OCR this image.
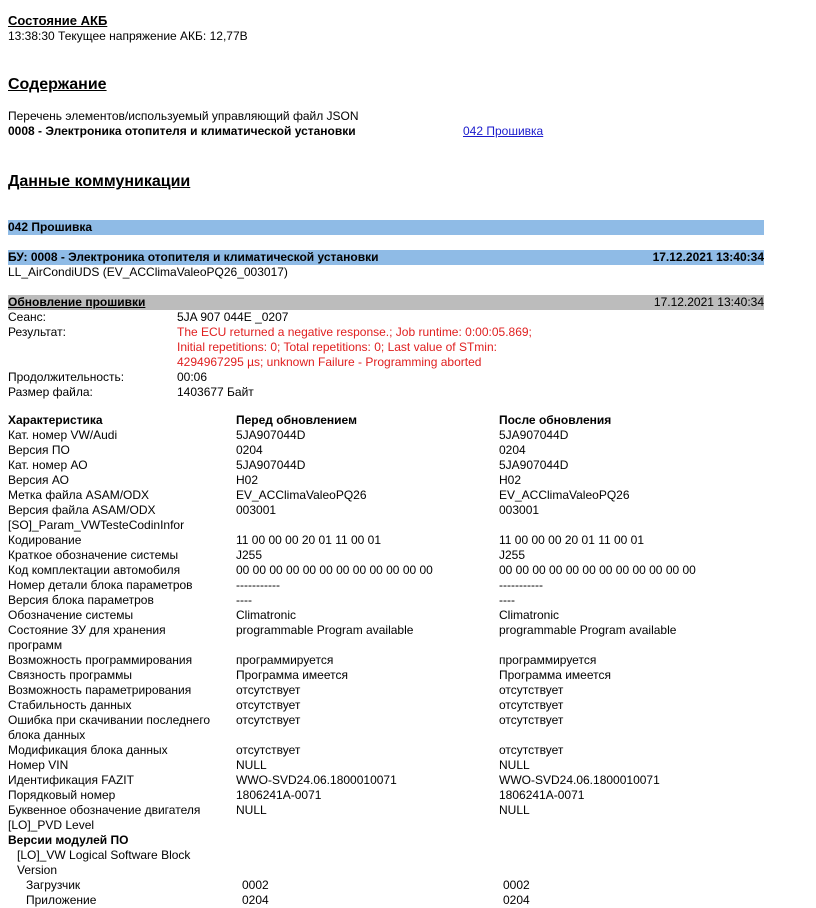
Состояние АКБ
13:38:30 Текущее напряжение АКБ: 12,77В
Содержание
Перечень элементов/используемый управляющий файл JSON
0008 - Электроника отопителя и климатической установки	042 Прошивка
Данные коммуникации
042 Прошивка
БУ: 0008 - Электроника отопителя и климатической установки	17.12.2021 13:40:34
LL_AirCondiUDS (EV_ACClimaValeoPQ26_003017)
Обновление прошивки	17.12.2021 13:40:34
Сеанс:	5JA 907 044E _0207
Результат:	The ECU returned a negative response.; Job runtime: 0:00:05.869;
Initial repetitions: 0; Total repetitions: 0; Last value of STmin:
4294967295 µs; unknown Failure - Programming aborted
Продолжительность:	00:06
Размер файла:	1403677 Байт
Характеристика	Перед обновлением	После обновления
Кат. номер VW/Audi	5JA907044D	5JA907044D
Версия ПО	0204	0204
Кат. номер АО	5JA907044D	5JA907044D
Версия АО	H02	H02
Метка файла ASAM/ODX	EV_ACClimaValeoPQ26	EV_ACClimaValeoPQ26
Версия файла ASAM/ODX	003001	003001
[SO]_Param_VWTesteCodinInfor
Кодирование	11 00 00 00 20 01 11 00 01	11 00 00 00 20 01 11 00 01
Краткое обозначение системы	J255	J255
Код комплектации автомобиля	00 00 00 00 00 00 00 00 00 00 00 00	00 00 00 00 00 00 00 00 00 00 00 00
Номер детали блока параметров	-----------	-----------
Версия блока параметров	----	----
Обозначение системы	Climatronic	Climatronic
Состояние ЗУ для хранения программ
programmable Program available	programmable Program available
Возможность программирования	программируется	программируется
Связность программы	Программа имеется	Программа имеется
Возможность параметрирования	отсутствует	отсутствует
Стабильность данных	отсутствует	отсутствует
Ошибка при скачивании последнего блока данных
отсутствует	отсутствует
Модификация блока данных	отсутствует	отсутствует
Номер VIN	NULL	NULL
Идентификация FAZIT	WWO-SVD24.06.1800010071	WWO-SVD24.06.1800010071
Порядковый номер	1806241A-0071	1806241A-0071
Буквенное обозначение двигателя	NULL	NULL
[LO]_PVD Level
Версии модулей ПО
[LO]_VW Logical Software Block Version
Загрузчик	0002	0002
Приложение	0204	0204
